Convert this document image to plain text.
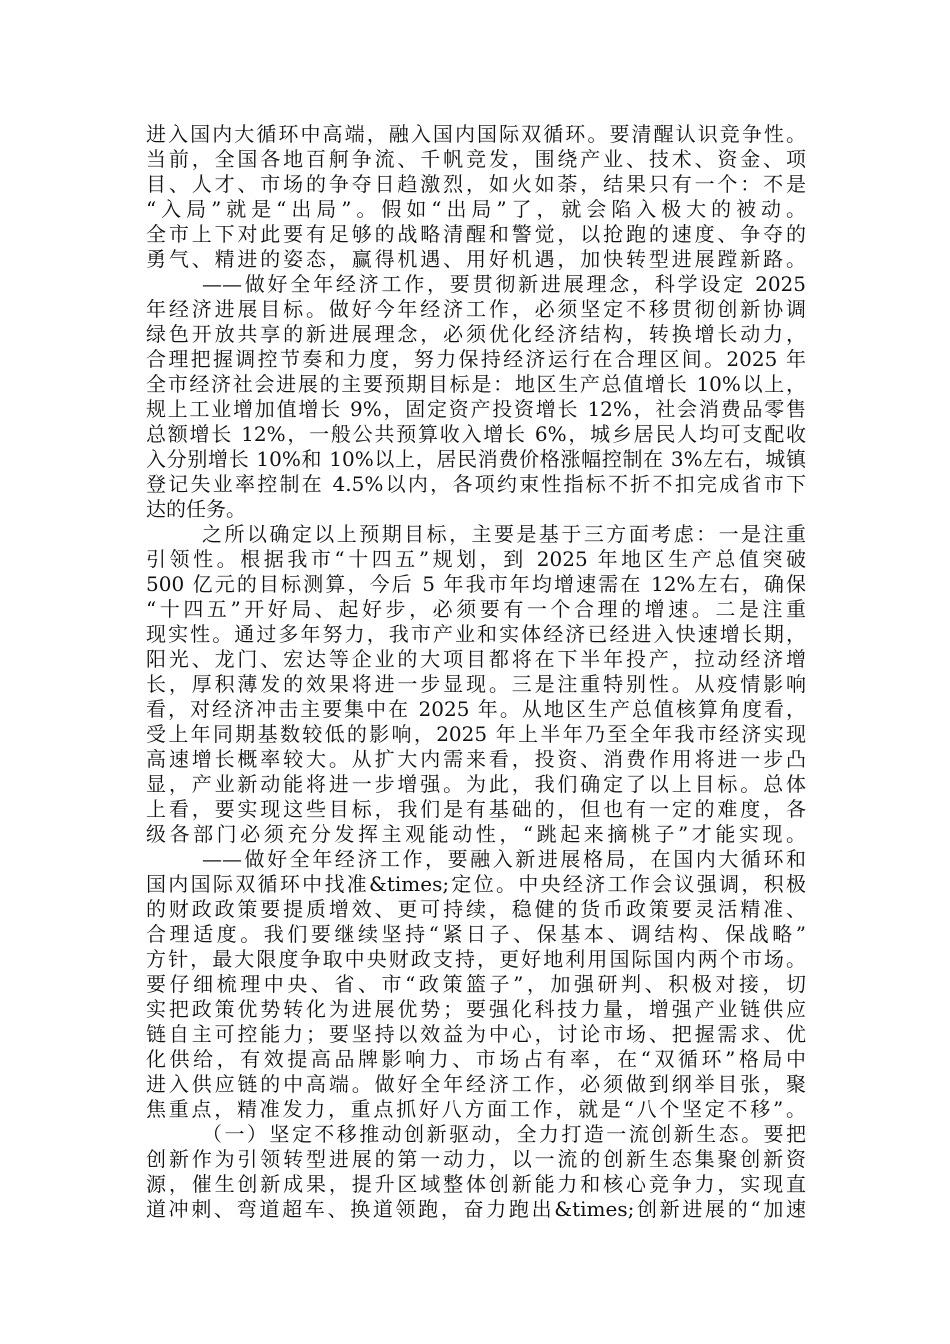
进入国内大循环中高端，融入国内国际双循环。要清醒认识竞争性。
当前，全国各地百舸争流、千帆竞发，围绕产业、技术、资金、项
目、人才、市场的争夺日趋激烈，如火如荼，结果只有一个：不是
“入局”就是“出局”。假如“出局”了，就会陷入极大的被动。
全市上下对此要有足够的战略清醒和警觉，以抢跑的速度、争夺的
勇气、精进的姿态，赢得机遇、用好机遇，加快转型进展蹚新路。
——做好全年经济工作，要贯彻新进展理念，科学设定 2025
年经济进展目标。做好今年经济工作，必须坚定不移贯彻创新协调
绿色开放共享的新进展理念，必须优化经济结构，转换增长动力，
合理把握调控节奏和力度，努力保持经济运行在合理区间。2025 年
全市经济社会进展的主要预期目标是：地区生产总值增长 10%以上，
规上工业增加值增长 9%，固定资产投资增长 12%，社会消费品零售
总额增长 12%，一般公共预算收入增长 6%，城乡居民人均可支配收
入分别增长 10%和 10%以上，居民消费价格涨幅控制在 3%左右，城镇
登记失业率控制在 4.5%以内，各项约束性指标不折不扣完成省市下
达的任务。
之所以确定以上预期目标，主要是基于三方面考虑：一是注重
引领性。根据我市“十四五”规划，到 2025 年地区生产总值突破
500 亿元的目标测算，今后 5 年我市年均增速需在 12%左右，确保
“十四五”开好局、起好步，必须要有一个合理的增速。二是注重
现实性。通过多年努力，我市产业和实体经济已经进入快速增长期，
阳光、龙门、宏达等企业的大项目都将在下半年投产，拉动经济增
长，厚积薄发的效果将进一步显现。三是注重特别性。从疫情影响
看，对经济冲击主要集中在 2025 年。从地区生产总值核算角度看，
受上年同期基数较低的影响，2025 年上半年乃至全年我市经济实现
高速增长概率较大。从扩大内需来看，投资、消费作用将进一步凸
显，产业新动能将进一步增强。为此，我们确定了以上目标。总体
上看，要实现这些目标，我们是有基础的，但也有一定的难度，各
级各部门必须充分发挥主观能动性，“跳起来摘桃子”才能实现。
——做好全年经济工作，要融入新进展格局，在国内大循环和
国内国际双循环中找准&times;定位。中央经济工作会议强调，积极
的财政政策要提质增效、更可持续，稳健的货币政策要灵活精准、
合理适度。我们要继续坚持“紧日子、保基本、调结构、保战略”
方针，最大限度争取中央财政支持，更好地利用国际国内两个市场。
要仔细梳理中央、省、市“政策篮子”，加强研判、积极对接，切
实把政策优势转化为进展优势；要强化科技力量，增强产业链供应
链自主可控能力；要坚持以效益为中心，讨论市场、把握需求、优
化供给，有效提高品牌影响力、市场占有率，在“双循环”格局中
进入供应链的中高端。做好全年经济工作，必须做到纲举目张，聚
焦重点，精准发力，重点抓好八方面工作，就是“八个坚定不移”。
（一）坚定不移推动创新驱动，全力打造一流创新生态。要把
创新作为引领转型进展的第一动力，以一流的创新生态集聚创新资
源，催生创新成果，提升区域整体创新能力和核心竞争力，实现直
道冲刺、弯道超车、换道领跑，奋力跑出&times;创新进展的“加速
